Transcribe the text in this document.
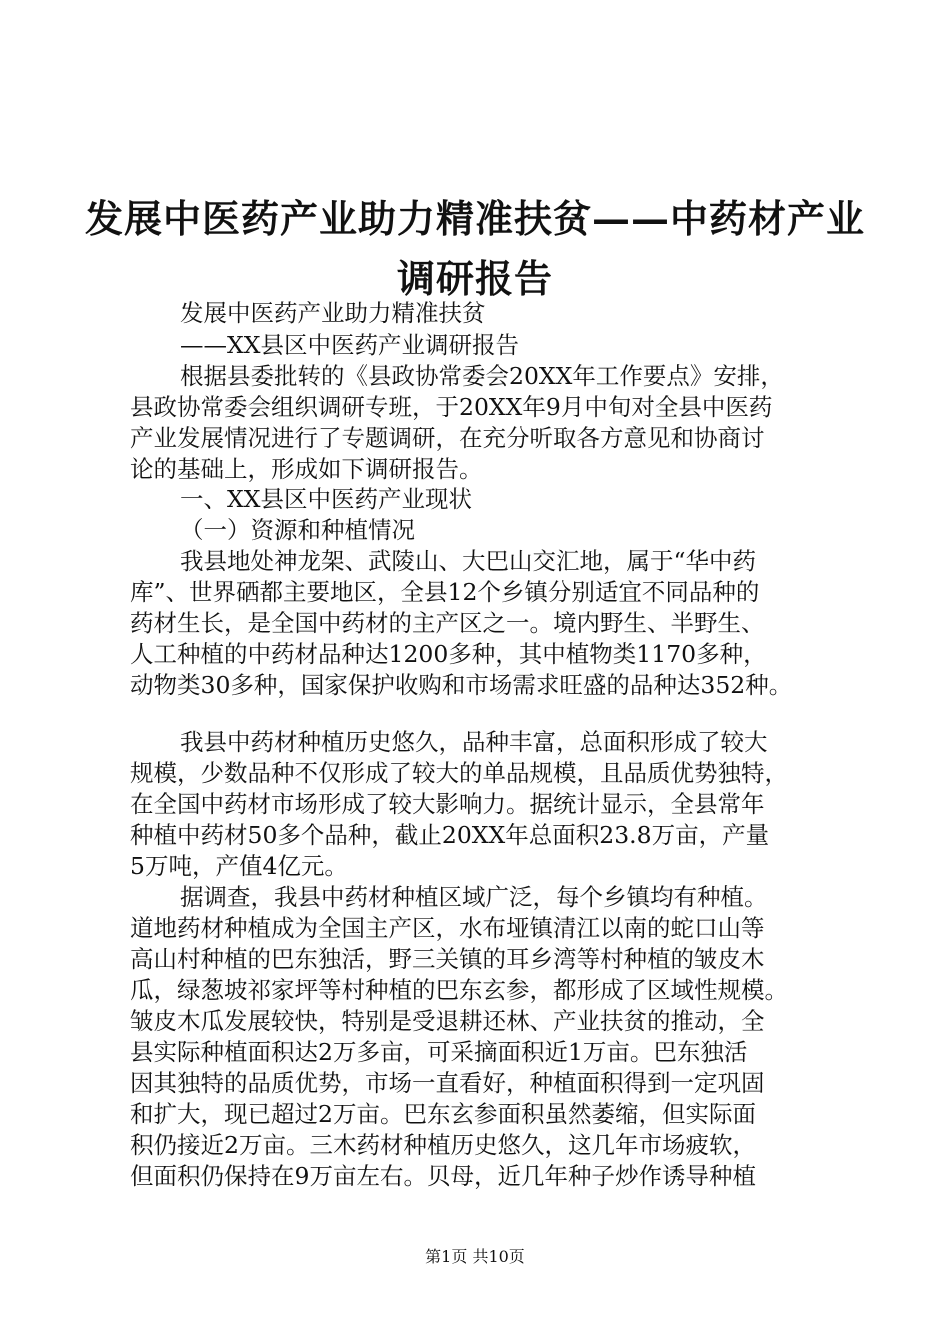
发展中医药产业助力精准扶贫——中药材产业
调研报告
发展中医药产业助力精准扶贫
——XX县区中医药产业调研报告
根据县委批转的《县政协常委会20XX年工作要点》安排，
县政协常委会组织调研专班，于20XX年9月中旬对全县中医药
产业发展情况进行了专题调研，在充分听取各方意见和协商讨
论的基础上，形成如下调研报告。
一、XX县区中医药产业现状
（一）资源和种植情况
我县地处神龙架、武陵山、大巴山交汇地，属于“华中药
库”、世界硒都主要地区，全县12个乡镇分别适宜不同品种的
药材生长，是全国中药材的主产区之一。境内野生、半野生、
人工种植的中药材品种达1200多种，其中植物类1170多种，
动物类30多种，国家保护收购和市场需求旺盛的品种达352种。
我县中药材种植历史悠久，品种丰富，总面积形成了较大
规模，少数品种不仅形成了较大的单品规模，且品质优势独特，
在全国中药材市场形成了较大影响力。据统计显示，全县常年
种植中药材50多个品种，截止20XX年总面积23.8万亩，产量
5万吨，产值4亿元。
据调查，我县中药材种植区域广泛，每个乡镇均有种植。
道地药材种植成为全国主产区，水布垭镇清江以南的蛇口山等
高山村种植的巴东独活，野三关镇的耳乡湾等村种植的皱皮木
瓜，绿葱坡祁家坪等村种植的巴东玄参，都形成了区域性规模。
皱皮木瓜发展较快，特别是受退耕还林、产业扶贫的推动，全
县实际种植面积达2万多亩，可采摘面积近1万亩。巴东独活
因其独特的品质优势，市场一直看好，种植面积得到一定巩固
和扩大，现已超过2万亩。巴东玄参面积虽然萎缩，但实际面
积仍接近2万亩。三木药材种植历史悠久，这几年市场疲软，
但面积仍保持在9万亩左右。贝母，近几年种子炒作诱导种植
第1页 共10页
